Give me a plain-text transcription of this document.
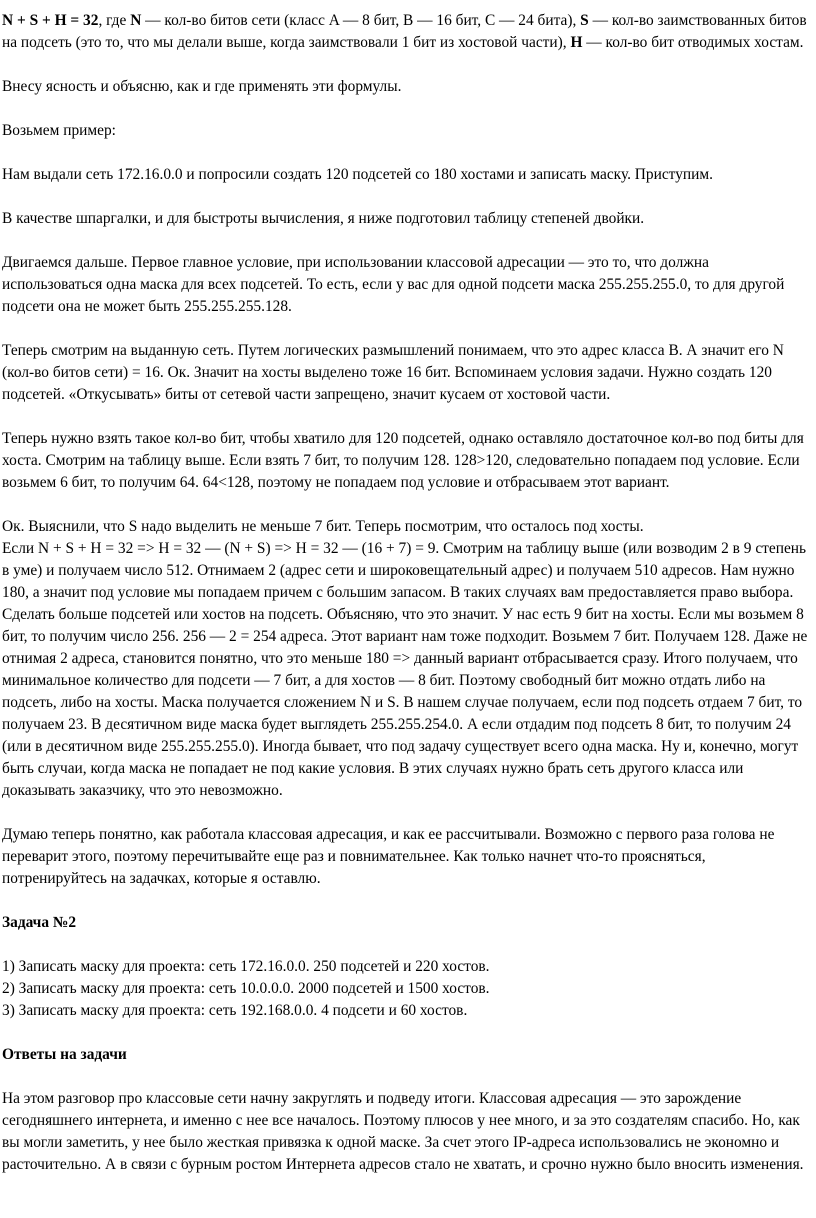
N + S + H = 32, где N — кол-во битов сети (класс A — 8 бит, B — 16 бит, C — 24 бита), S — кол-во заимствованных битов на подсеть (это то, что мы делали выше, когда заимствовали 1 бит из хостовой части), H — кол-во бит отводимых хостам.

Внесу ясность и объясню, как и где применять эти формулы.

Возьмем пример:

Нам выдали сеть 172.16.0.0 и попросили создать 120 подсетей со 180 хостами и записать маску. Приступим.

В качестве шпаргалки, и для быстроты вычисления, я ниже подготовил таблицу степеней двойки.

Двигаемся дальше. Первое главное условие, при использовании классовой адресации — это то, что должна использоваться одна маска для всех подсетей. То есть, если у вас для одной подсети маска 255.255.255.0, то для другой подсети она не может быть 255.255.255.128.

Теперь смотрим на выданную сеть. Путем логических размышлений понимаем, что это адрес класса B. А значит его N (кол-во битов сети) = 16. Ок. Значит на хосты выделено тоже 16 бит. Вспоминаем условия задачи. Нужно создать 120 подсетей. «Откусывать» биты от сетевой части запрещено, значит кусаем от хостовой части.

Теперь нужно взять такое кол-во бит, чтобы хватило для 120 подсетей, однако оставляло достаточное кол-во под биты для хоста. Смотрим на таблицу выше. Если взять 7 бит, то получим 128. 128>120, следовательно попадаем под условие. Если возьмем 6 бит, то получим 64. 64<128, поэтому не попадаем под условие и отбрасываем этот вариант.

Ок. Выяснили, что S надо выделить не меньше 7 бит. Теперь посмотрим, что осталось под хосты.

Если N + S + H = 32 => H = 32 — (N + S) => H = 32 — (16 + 7) = 9. Смотрим на таблицу выше (или возводим 2 в 9 степень в уме) и получаем число 512. Отнимаем 2 (адрес сети и широковещательный адрес) и получаем 510 адресов. Нам нужно 180, а значит под условие мы попадаем причем с большим запасом. В таких случаях вам предоставляется право выбора. Сделать больше подсетей или хостов на подсеть. Объясняю, что это значит. У нас есть 9 бит на хосты. Если мы возьмем 8 бит, то получим число 256. 256 — 2 = 254 адреса. Этот вариант нам тоже подходит. Возьмем 7 бит. Получаем 128. Даже не отнимая 2 адреса, становится понятно, что это меньше 180 => данный вариант отбрасывается сразу. Итого получаем, что минимальное количество для подсети — 7 бит, а для хостов — 8 бит. Поэтому свободный бит можно отдать либо на подсеть, либо на хосты. Маска получается сложением N и S. В нашем случае получаем, если под подсеть отдаем 7 бит, то получаем 23. В десятичном виде маска будет выглядеть 255.255.254.0. А если отдадим под подсеть 8 бит, то получим 24 (или в десятичном виде 255.255.255.0). Иногда бывает, что под задачу существует всего одна маска. Ну и, конечно, могут быть случаи, когда маска не попадает не под какие условия. В этих случаях нужно брать сеть другого класса или доказывать заказчику, что это невозможно.

Думаю теперь понятно, как работала классовая адресация, и как ее рассчитывали. Возможно с первого раза голова не переварит этого, поэтому перечитывайте еще раз и повнимательнее. Как только начнет что-то проясняться, потренируйтесь на задачках, которые я оставлю.

Задача №2

1) Записать маску для проекта: сеть 172.16.0.0. 250 подсетей и 220 хостов.

2) Записать маску для проекта: сеть 10.0.0.0. 2000 подсетей и 1500 хостов.

3) Записать маску для проекта: сеть 192.168.0.0. 4 подсети и 60 хостов.

Ответы на задачи

На этом разговор про классовые сети начну закруглять и подведу итоги. Классовая адресация — это зарождение сегодняшнего интернета, и именно с нее все началось. Поэтому плюсов у нее много, и за это создателям спасибо. Но, как вы могли заметить, у нее было жесткая привязка к одной маске. За счет этого IP-адреса использовались не экономно и расточительно. А в связи с бурным ростом Интернета адресов стало не хватать, и срочно нужно было вносить изменения.
